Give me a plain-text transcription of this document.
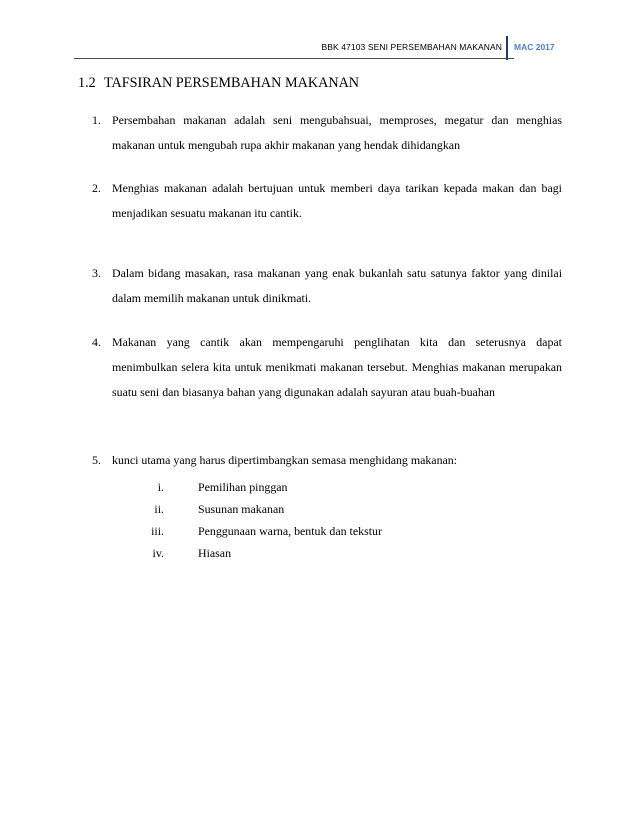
BBK 47103 SENI PERSEMBAHAN MAKANAN MAC 2017
1.2 TAFSIRAN PERSEMBAHAN MAKANAN
1. Persembahan makanan adalah seni mengubahsuai, memproses, megatur dan menghias makanan untuk mengubah rupa akhir makanan yang hendak dihidangkan

2. Menghias makanan adalah bertujuan untuk memberi daya tarikan kepada makan dan bagi menjadikan sesuatu makanan itu cantik.

3. Dalam bidang masakan, rasa makanan yang enak bukanlah satu satunya faktor yang dinilai dalam memilih makanan untuk dinikmati.

4. Makanan yang cantik akan mempengaruhi penglihatan kita dan seterusnya dapat menimbulkan selera kita untuk menikmati makanan tersebut. Menghias makanan merupakan suatu seni dan biasanya bahan yang digunakan adalah sayuran atau buah-buahan

5. kunci utama yang harus dipertimbangkan semasa menghidang makanan:

i.	Pemilihan pinggan
ii.	Susunan makanan
iii.	Penggunaan warna, bentuk dan tekstur
iv.	Hiasan
